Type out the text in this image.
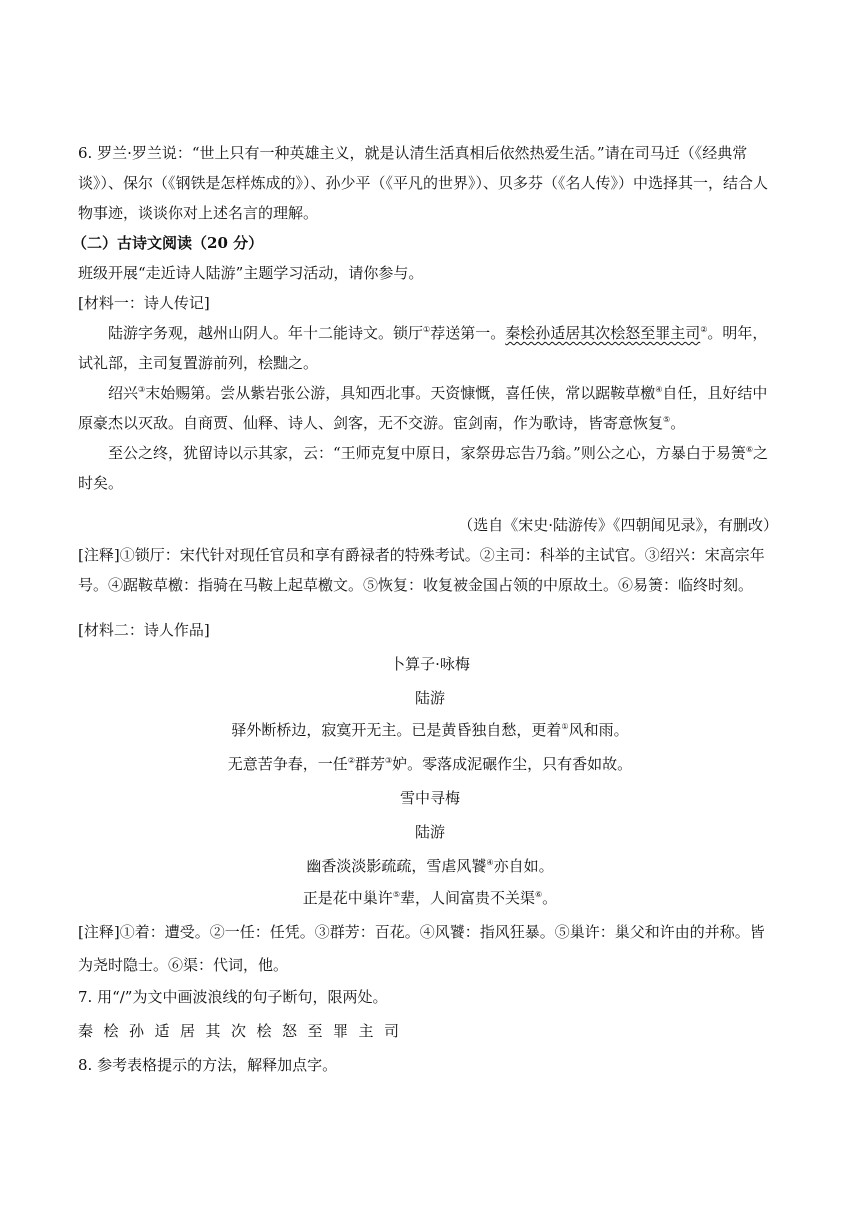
6. 罗兰·罗兰说：“世上只有一种英雄主义，就是认清生活真相后依然热爱生活。”请在司马迁（《经典常
谈》）、保尔（《钢铁是怎样炼成的》）、孙少平（《平凡的世界》）、贝多芬（《名人传》）中选择其一，结合人
物事迹，谈谈你对上述名言的理解。
（二）古诗文阅读（20 分）
班级开展“走近诗人陆游”主题学习活动，请你参与。
[材料一：诗人传记]
陆游字务观，越州山阴人。年十二能诗文。锁厅①荐送第一。秦桧孙适居其次桧怒至罪主司②。明年，
试礼部，主司复置游前列，桧黜之。
绍兴③末始赐第。尝从紫岩张公游，具知西北事。天资慷慨，喜任侠，常以踞鞍草檄④自任，且好结中
原豪杰以灭敌。自商贾、仙释、诗人、剑客，无不交游。宦剑南，作为歌诗，皆寄意恢复⑤。
至公之终，犹留诗以示其家，云：“王师克复中原日，家祭毋忘告乃翁。”则公之心，方暴白于易箦⑥之
时矣。
（选自《宋史·陆游传》《四朝闻见录》，有删改）
[注释]①锁厅：宋代针对现任官员和享有爵禄者的特殊考试。②主司：科举的主试官。③绍兴：宋高宗年
号。④踞鞍草檄：指骑在马鞍上起草檄文。⑤恢复：收复被金国占领的中原故土。⑥易箦：临终时刻。
[材料二：诗人作品]
卜算子·咏梅
陆游
驿外断桥边，寂寞开无主。已是黄昏独自愁，更着①风和雨。
无意苦争春，一任②群芳③妒。零落成泥碾作尘，只有香如故。
雪中寻梅
陆游
幽香淡淡影疏疏，雪虐风饕④亦自如。
正是花中巢许⑤辈，人间富贵不关渠⑥。
[注释]①着：遭受。②一任：任凭。③群芳：百花。④风饕：指风狂暴。⑤巢许：巢父和许由的并称。皆
为尧时隐士。⑥渠：代词，他。
7. 用“/”为文中画波浪线的句子断句，限两处。
秦桧孙适居其次桧怒至罪主司
8. 参考表格提示的方法，解释加点字。
